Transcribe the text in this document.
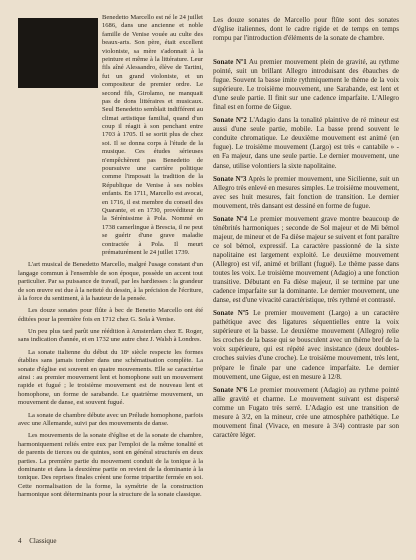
Benedetto Marcello est né le 24 juillet 1686, dans une ancienne et noble famille de Venise vouée au culte des beaux-arts. Son père, était excellent violoniste, sa mère s'adonnait à la peinture et même à la littérature. Leur fils aîné Alessandro, élève de Tartini, fut un grand violoniste, et un compositeur de premier ordre. Le second fils, Girolamo, ne manquait pas de dons littéraires et musicaux. Seul Benedetto semblait indifférent au climat artistique familial, quand d'un coup il réagit à son penchant entre 1703 à 1705. Il se sortit plus de chez soi. Il se donna corps à l'étude de la musique. Ces études sérieuses n'empêchèrent pas Benedetto de poursuivre une carrière politique comme l'imposait la tradition de la République de Venise à ses nobles enfants. En 1711, Marcello est avocat, en 1716, il est membre du conseil des Quarante, et en 1730, provéditeur de la Sérénissime à Pola. Nommé en 1738 camerlingue à Brescia, il ne peut se guérir d'une grave maladie contractée à Pola. Il meurt prématurément le 24 juillet 1739.

L'art musical de Benedetto Marcello, malgré l'usage constant d'un langage commun à l'ensemble de son époque, possède un accent tout particulier. Par sa puissance de travail, par les hardiesses : la grandeur de son œuvre est due à la netteté du dessin, à la précision de l'écriture, à la force du sentiment, à la hauteur de la pensée.

Les douze sonates pour flûte à bec de Benetto Marcello ont été éditées pour la première fois en 1712 chez G. Sola à Venise.

Un peu plus tard parût une réédition à Amsterdam chez E. Roger, sans indication d'année, et en 1732 une autre chez J. Walsh à Londres.

La sonate italienne du début du 18ᵉ siècle respecte les formes établies sans jamais tomber dans une schématisation complète. La sonate d'église est souvent en quatre mouvements. Elle se caractérise ainsi : au premier mouvement lent et homophone suit un mouvement rapide et fugué ; le troisième mouvement est de nouveau lent et homophone, un forme de sarabande. Le quatrième mouvement, un mouvement de danse, est souvent fugué.

La sonate de chambre débute avec un Prélude homophone, parfois avec une Allemande, suivi par des mouvements de danse.

Les mouvements de la sonate d'église et de la sonate de chambre, harmoniquement reliés entre eux par l'emploi de la même tonalité et de parents de tierces ou de quintes, sont en général structurés en deux parties. La première partie du mouvement conduit de la tonique à la dominante et dans la deuxième partie on revient de la dominante à la tonique. Des reprises finales créent une forme tripartite fermée en soi. Cette normalisation de la forme, la symétrie de la construction harmonique sont déterminants pour la structure de la sonate classique.

Les douze sonates de Marcello pour flûte sont des sonates d'église italiennes, dont le cadre rigide et de temps en temps rompu par l'introduction d'éléments de la sonate de chambre.

Sonate Nº1 Au premier mouvement plein de gravité, au rythme pointé, suit un brillant Allegro introduisant des ébauches de fugue. Souvent la basse imite rythmiquement le thème de la voix supérieure. Le troisième mouvement, une Sarabande, est lent et d'une seule partie. Il finit sur une cadence imparfaite. L'Allegro final est en forme de Gigue.

Sonate Nº2 L'Adagio dans la tonalité plaintive de ré mineur est aussi d'une seule partie, mobile. La basse prend souvent le conduite chromatique. Le deuxième mouvement est animé (en fugue). Le troisième mouvement (Largo) est très « cantabile » - en Fa majeur, dans une seule partie. Le dernier mouvement, une danse, utilise volontiers la sixte napolitaine.

Sonate Nº3 Après le premier mouvement, une Sicilienne, suit un Allegro très enlevé en mesures simples. Le troisième mouvement, avec ses huit mesures, fait fonction de transition. Le dernier mouvement, très dansant est dessiné en forme de fugue.

Sonate Nº4 Le premier mouvement grave montre beaucoup de ténébrités harmoniques ; seconde de Sol majeur et de Mi bémol majeur, de mineur et de Fa dièse majeur se suivent et font paraître ce sol bémol, expressif. La caractère passionné de la sixte napolitaine est largement exploité. Le deuxième mouvement (Allegro) est vif, animé et brillant (fugué). Le thème passe dans toutes les voix. Le troisième mouvement (Adagio) a une fonction transitive. Débutant en Fa dièse majeur, il se termine par une cadence imparfaite sur la dominante. Le dernier mouvement, une danse, est d'une vivacité caractéristique, très rythmé et contrasté.

Sonate Nº5 Le premier mouvement (Largo) a un caractère pathétique avec des ligatures séquentielles entre la voix supérieure et la basse. Le deuxième mouvement (Allegro) relie les croches de la basse qui se bousculent avec un thème bref de la voix supérieure, qui est répété avec insistance (deux doubles-croches suivies d'une croche). Le troisième mouvement, très lent, prépare le finale par une cadence imparfaite. Le dernier mouvement, une Gigue, est en mesure à 12/8.

Sonate Nº6 Le premier mouvement (Adagio) au rythme pointé allie gravité et charme. Le mouvement suivant est dispersé comme un Fugato très serré. L'Adagio est une transition de mesure à 3/2, en la mineur, crée une atmosphère pathétique. Le mouvement final (Vivace, en mesure à 3/4) contraste par son caractère léger.

4 Classique
